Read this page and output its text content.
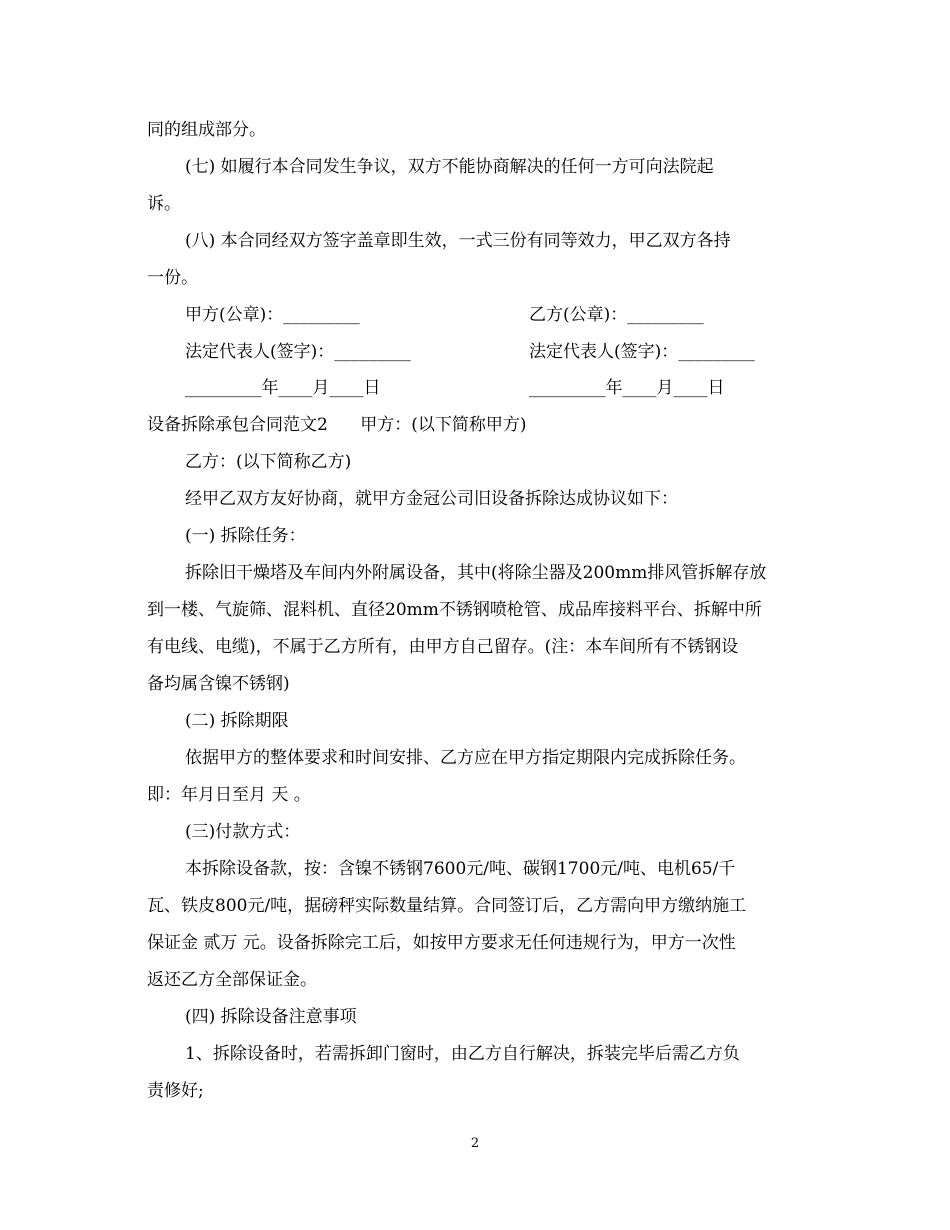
同的组成部分。
(七) 如履行本合同发生争议，双方不能协商解决的任何一方可向法院起
诉。
(八) 本合同经双方签字盖章即生效，一式三份有同等效力，甲乙双方各持
一份。
甲方(公章)：_________	乙方(公章)：_________
法定代表人(签字)：_________	法定代表人(签字)：_________
_________年____月____日	_________年____月____日
设备拆除承包合同范文2      甲方：(以下简称甲方)
乙方：(以下简称乙方)
经甲乙双方友好协商，就甲方金冠公司旧设备拆除达成协议如下：
(一) 拆除任务：
拆除旧干燥塔及车间内外附属设备，其中(将除尘器及200mm排风管拆解存放
到一楼、气旋筛、混料机、直径20mm不锈钢喷枪管、成品库接料平台、拆解中所
有电线、电缆)，不属于乙方所有，由甲方自己留存。(注：本车间所有不锈钢设
备均属含镍不锈钢)
(二) 拆除期限
依据甲方的整体要求和时间安排、乙方应在甲方指定期限内完成拆除任务。
即：年月日至月 天 。
(三)付款方式：
本拆除设备款，按：含镍不锈钢7600元/吨、碳钢1700元/吨、电机65/千
瓦、铁皮800元/吨，据磅秤实际数量结算。合同签订后，乙方需向甲方缴纳施工
保证金 贰万 元。设备拆除完工后，如按甲方要求无任何违规行为，甲方一次性
返还乙方全部保证金。
(四) 拆除设备注意事项
1、拆除设备时，若需拆卸门窗时，由乙方自行解决，拆装完毕后需乙方负
责修好;
2
